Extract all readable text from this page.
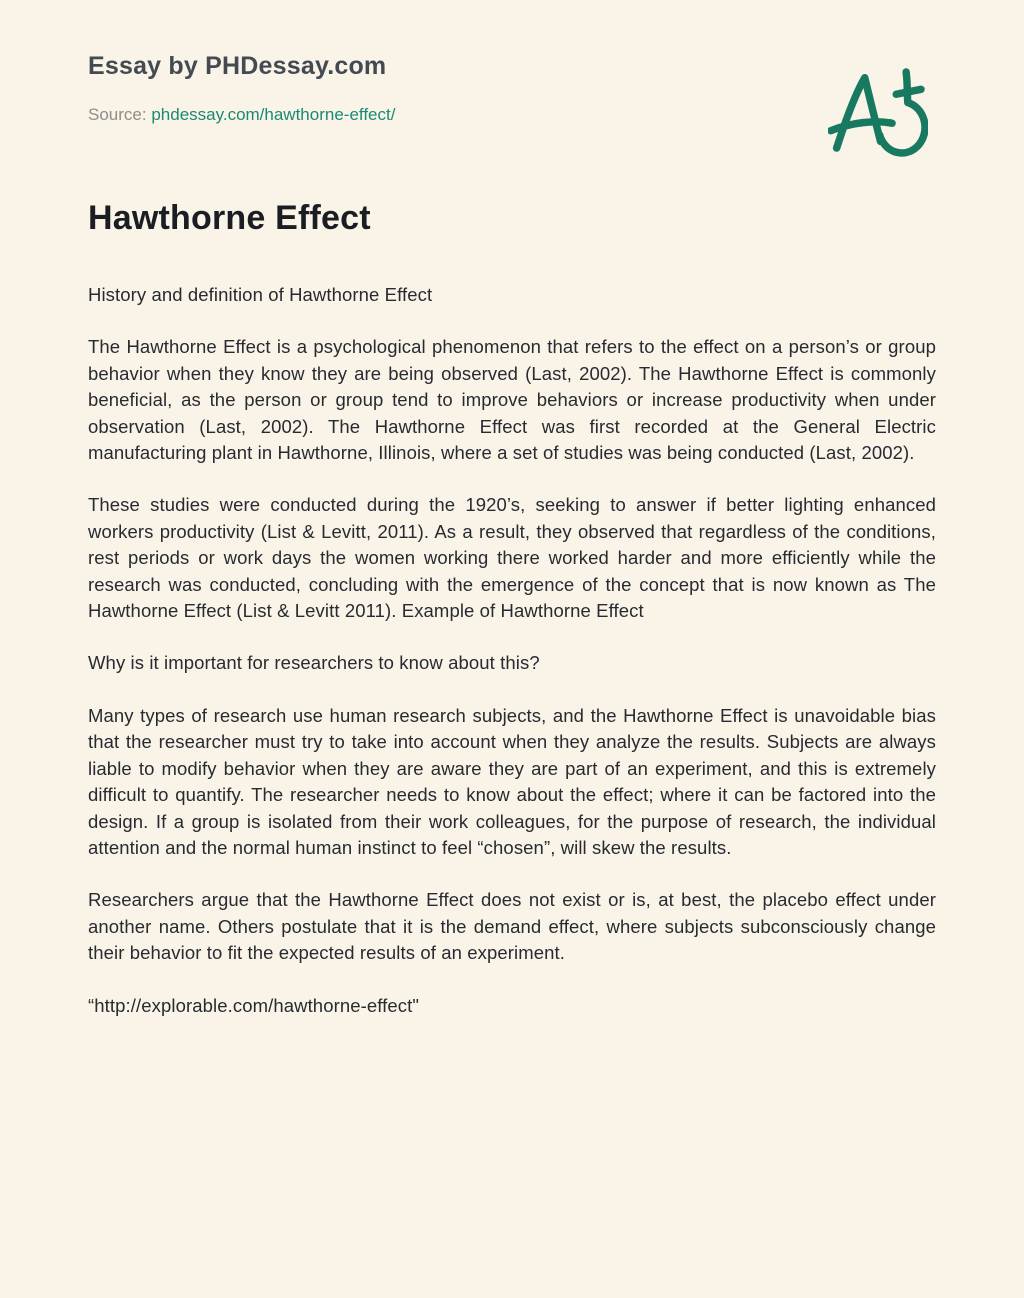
Essay by PHDessay.com

Source: phdessay.com/hawthorne-effect/

Hawthorne Effect

History and definition of Hawthorne Effect

The Hawthorne Effect is a psychological phenomenon that refers to the effect on a person’s or group behavior when they know they are being observed (Last, 2002). The Hawthorne Effect is commonly beneficial, as the person or group tend to improve behaviors or increase productivity when under observation (Last, 2002). The Hawthorne Effect was first recorded at the General Electric manufacturing plant in Hawthorne, Illinois, where a set of studies was being conducted (Last, 2002).

These studies were conducted during the 1920’s, seeking to answer if better lighting enhanced workers productivity (List & Levitt, 2011). As a result, they observed that regardless of the conditions, rest periods or work days the women working there worked harder and more efficiently while the research was conducted, concluding with the emergence of the concept that is now known as The Hawthorne Effect (List & Levitt 2011). Example of Hawthorne Effect

Why is it important for researchers to know about this?

Many types of research use human research subjects, and the Hawthorne Effect is unavoidable bias that the researcher must try to take into account when they analyze the results. Subjects are always liable to modify behavior when they are aware they are part of an experiment, and this is extremely difficult to quantify. The researcher needs to know about the effect; where it can be factored into the design. If a group is isolated from their work colleagues, for the purpose of research, the individual attention and the normal human instinct to feel “chosen”, will skew the results.

Researchers argue that the Hawthorne Effect does not exist or is, at best, the placebo effect under another name. Others postulate that it is the demand effect, where subjects subconsciously change their behavior to fit the expected results of an experiment.

“http://explorable.com/hawthorne-effect"
